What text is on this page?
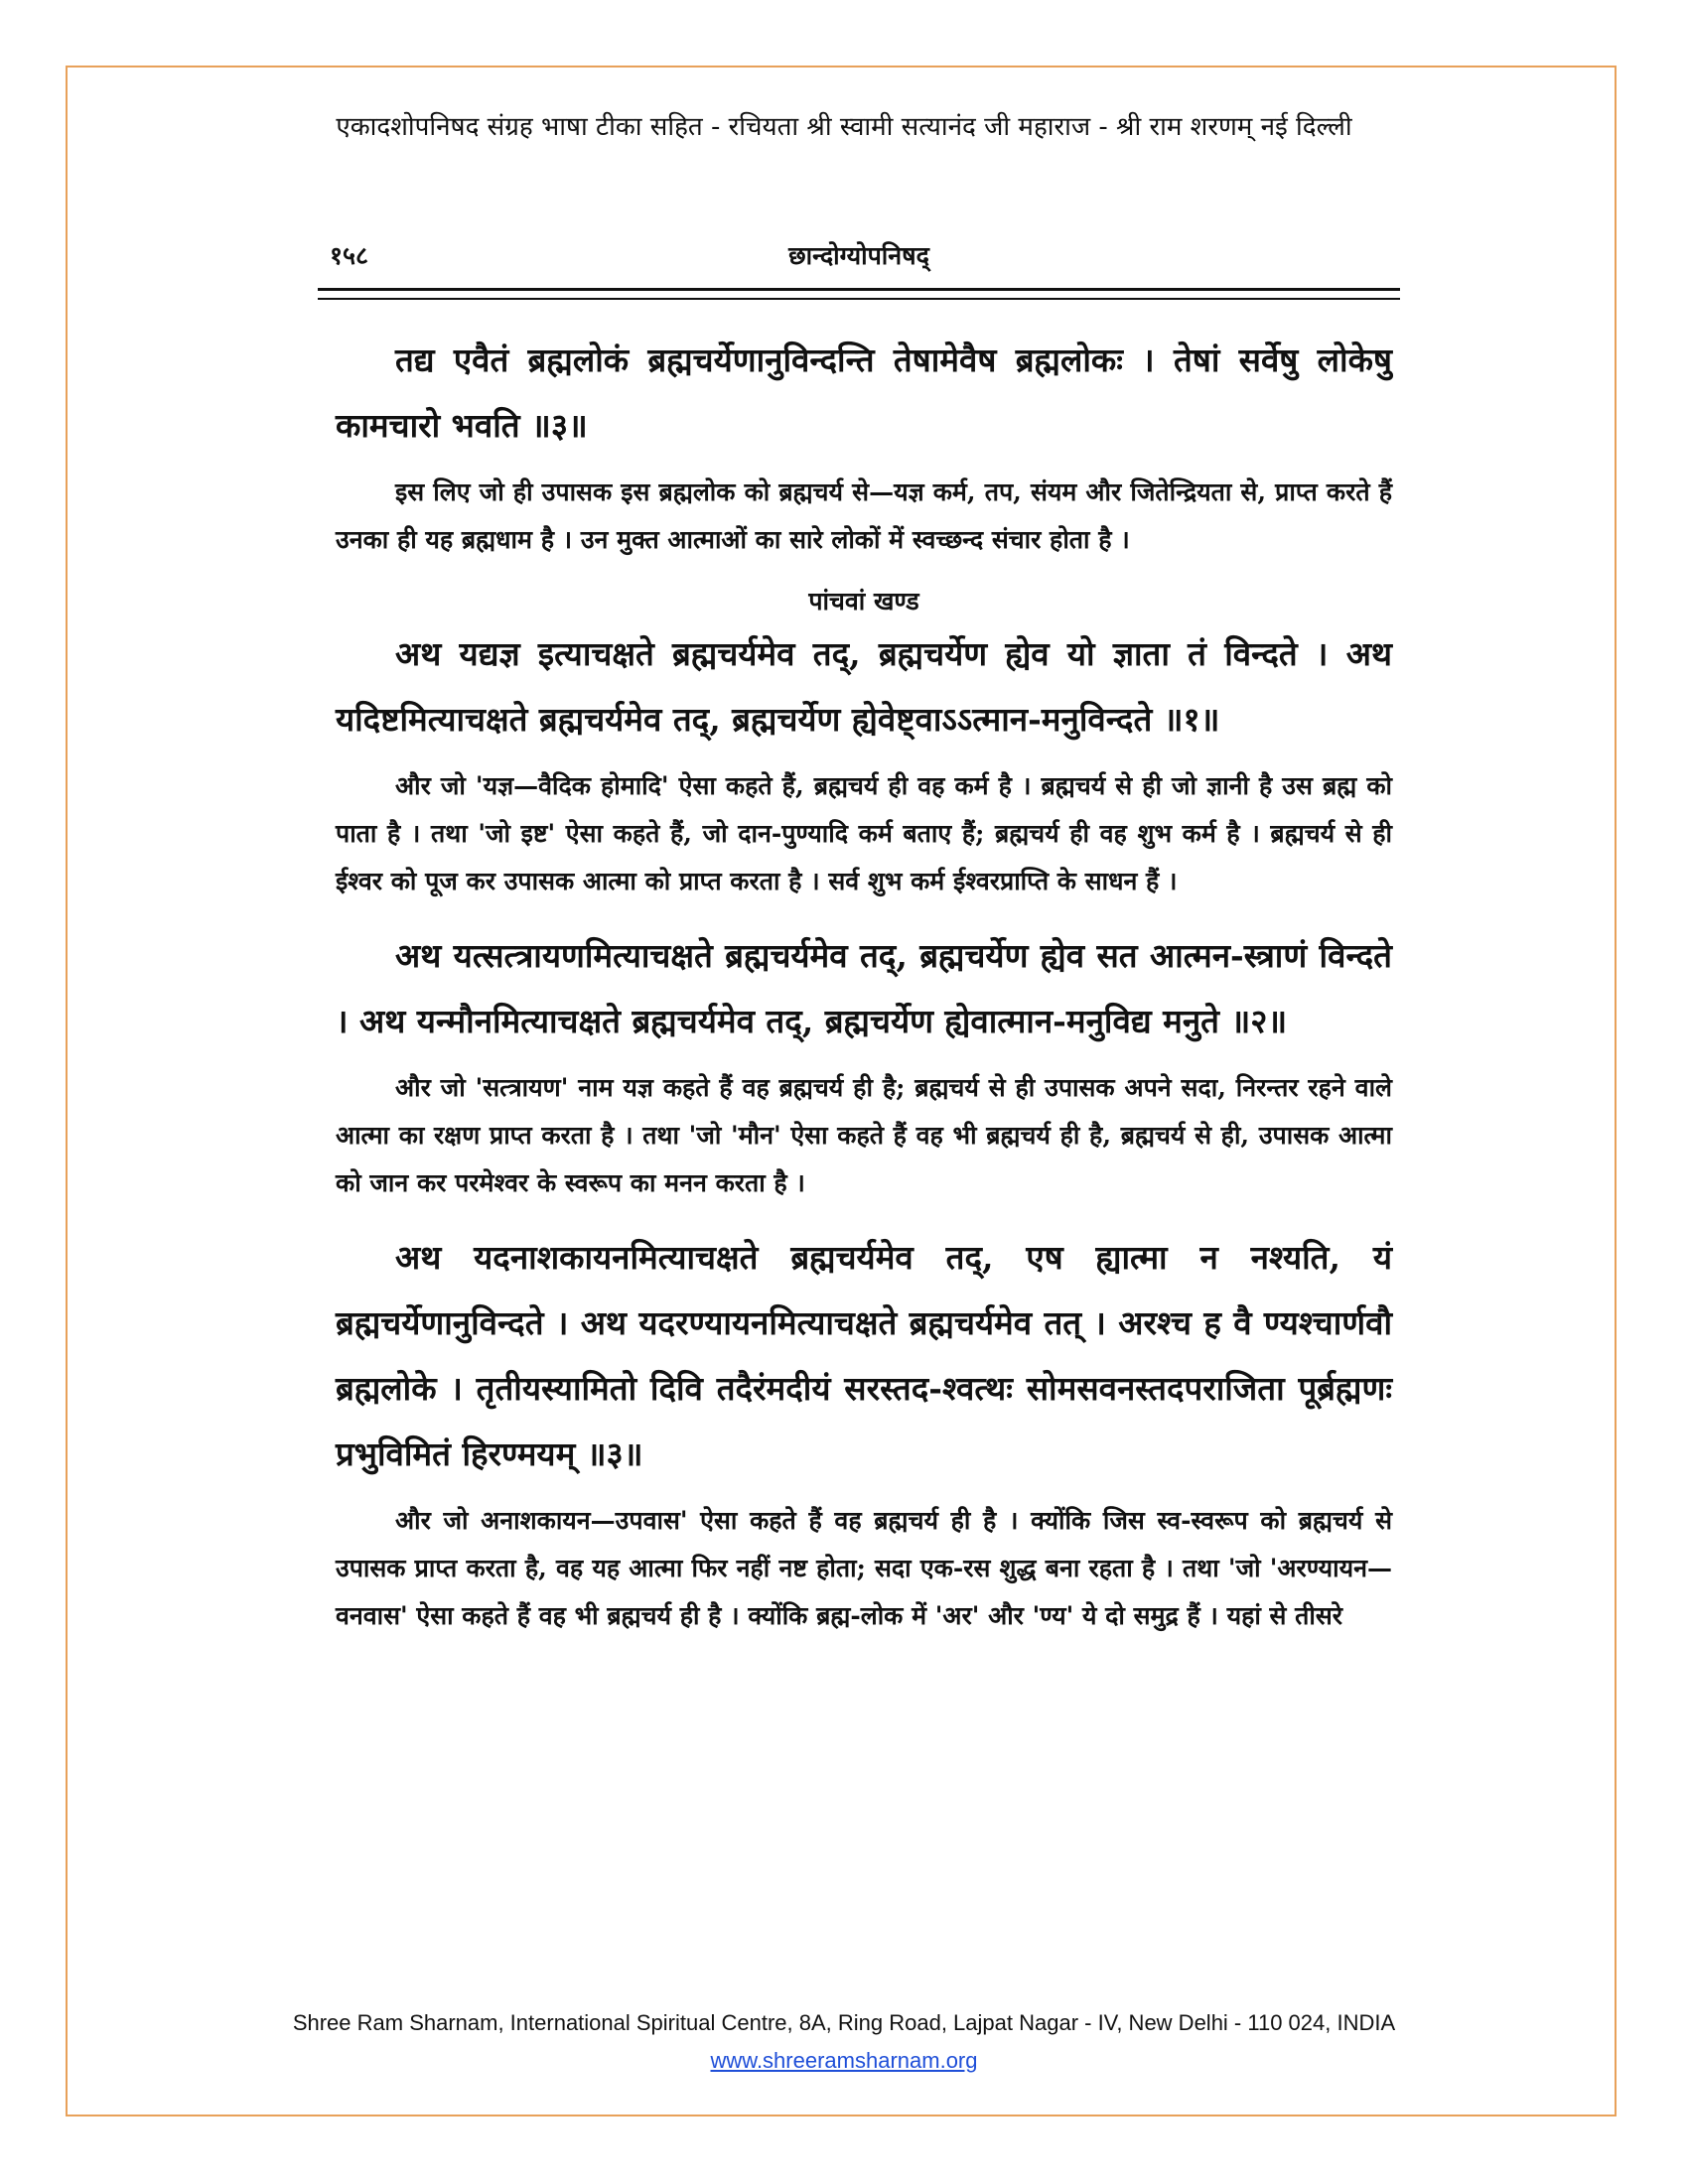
एकादशोपनिषद संग्रह भाषा टीका सहित - रचियता श्री स्वामी सत्यानंद जी महाराज - श्री राम शरणम् नई दिल्ली
१५८	छान्दोग्योपनिषद्

तद्य एवैतं ब्रह्मलोकं ब्रह्मचर्येणानुविन्दन्ति तेषामेवैष ब्रह्मलोकः । तेषां सर्वेषु लोकेषु कामचारो भवति ॥३॥

इस लिए जो ही उपासक इस ब्रह्मलोक को ब्रह्मचर्य से—यज्ञ कर्म, तप, संयम और जितेन्द्रियता से, प्राप्त करते हैं उनका ही यह ब्रह्मधाम है । उन मुक्त आत्माओं का सारे लोकों में स्वच्छन्द संचार होता है ।

पांचवां खण्ड

अथ यद्यज्ञ इत्याचक्षते ब्रह्मचर्यमेव तद्, ब्रह्मचर्येण ह्येव यो ज्ञाता तं विन्दते । अथ यदिष्टमित्याचक्षते ब्रह्मचर्यमेव तद्, ब्रह्मचर्येण ह्येवेष्ट्वाऽऽत्मान-मनुविन्दते ॥१॥

और जो 'यज्ञ—वैदिक होमादि' ऐसा कहते हैं, ब्रह्मचर्य ही वह कर्म है । ब्रह्मचर्य से ही जो ज्ञानी है उस ब्रह्म को पाता है । तथा 'जो इष्ट' ऐसा कहते हैं, जो दान-पुण्यादि कर्म बताए हैं; ब्रह्मचर्य ही वह शुभ कर्म है । ब्रह्मचर्य से ही ईश्वर को पूज कर उपासक आत्मा को प्राप्त करता है । सर्व शुभ कर्म ईश्वरप्राप्ति के साधन हैं ।

अथ यत्सत्त्रायणमित्याचक्षते ब्रह्मचर्यमेव तद्, ब्रह्मचर्येण ह्येव सत आत्मन-स्त्राणं विन्दते । अथ यन्मौनमित्याचक्षते ब्रह्मचर्यमेव तद्, ब्रह्मचर्येण ह्येवात्मान-मनुविद्य मनुते ॥२॥

और जो 'सत्त्रायण' नाम यज्ञ कहते हैं वह ब्रह्मचर्य ही है; ब्रह्मचर्य से ही उपासक अपने सदा, निरन्तर रहने वाले आत्मा का रक्षण प्राप्त करता है । तथा 'जो 'मौन' ऐसा कहते हैं वह भी ब्रह्मचर्य ही है, ब्रह्मचर्य से ही, उपासक आत्मा को जान कर परमेश्वर के स्वरूप का मनन करता है ।

अथ यदनाशकायनमित्याचक्षते ब्रह्मचर्यमेव तद्, एष ह्यात्मा न नश्यति, यं ब्रह्मचर्येणानुविन्दते । अथ यदरण्यायनमित्याचक्षते ब्रह्मचर्यमेव तत् । अरश्च ह वै ण्यश्चार्णवौ ब्रह्मलोके । तृतीयस्यामितो दिवि तदैरंमदीयं सरस्तद-श्वत्थः सोमसवनस्तदपराजिता पूर्ब्रह्मणः प्रभुविमितं हिरण्मयम् ॥३॥

और जो अनाशकायन—उपवास' ऐसा कहते हैं वह ब्रह्मचर्य ही है । क्योंकि जिस स्व-स्वरूप को ब्रह्मचर्य से उपासक प्राप्त करता है, वह यह आत्मा फिर नहीं नष्ट होता; सदा एक-रस शुद्ध बना रहता है । तथा 'जो 'अरण्यायन—वनवास' ऐसा कहते हैं वह भी ब्रह्मचर्य ही है । क्योंकि ब्रह्म-लोक में 'अर' और 'ण्य' ये दो समुद्र हैं । यहां से तीसरे

Shree Ram Sharnam, International Spiritual Centre, 8A, Ring Road, Lajpat Nagar - IV, New Delhi - 110 024, INDIA
www.shreeramsharnam.org
